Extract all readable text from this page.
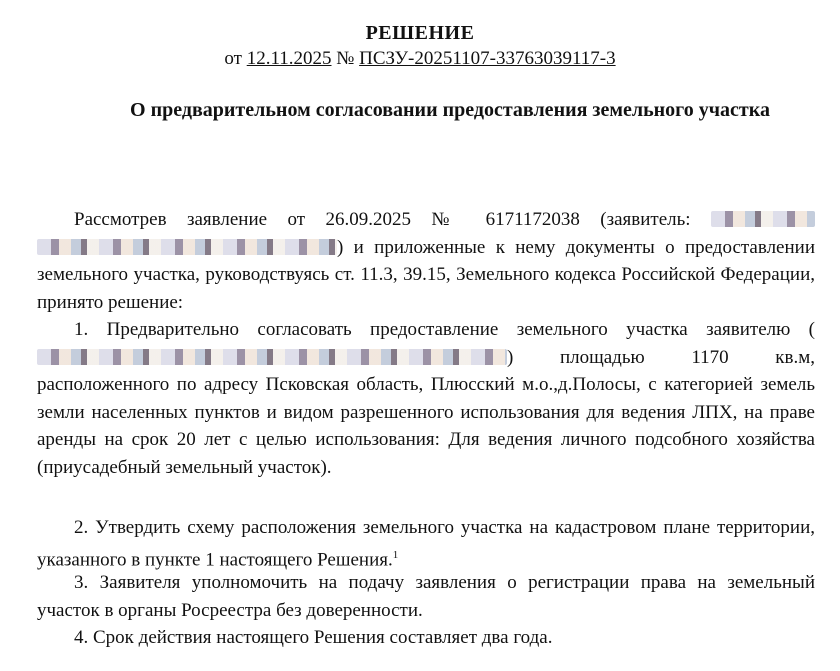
РЕШЕНИЕ
от 12.11.2025 № ПСЗУ-20251107-33763039117-3
О предварительном согласовании предоставления земельного участка

Рассмотрев заявление от 26.09.2025 № 6171172038 (заявитель:  ) и приложенные к нему документы о предоставлении земельного участка, руководствуясь ст. 11.3, 39.15, Земельного кодекса Российской Федерации, принято решение:

1. Предварительно согласовать предоставление земельного участка заявителю () площадью 1170 кв.м, расположенного по адресу Псковская область, Плюсский м.о.,д.Полосы, с категорией земель земли населенных пунктов и видом разрешенного использования для ведения ЛПХ, на праве аренды на срок 20 лет с целью использования: Для ведения личного подсобного хозяйства (приусадебный земельный участок).

2. Утвердить схему расположения земельного участка на кадастровом плане территории, указанного в пункте 1 настоящего Решения.$^1$

3. Заявителя уполномочить на подачу заявления о регистрации права на земельный участок в органы Росреестра без доверенности.

4. Срок действия настоящего Решения составляет два года.
